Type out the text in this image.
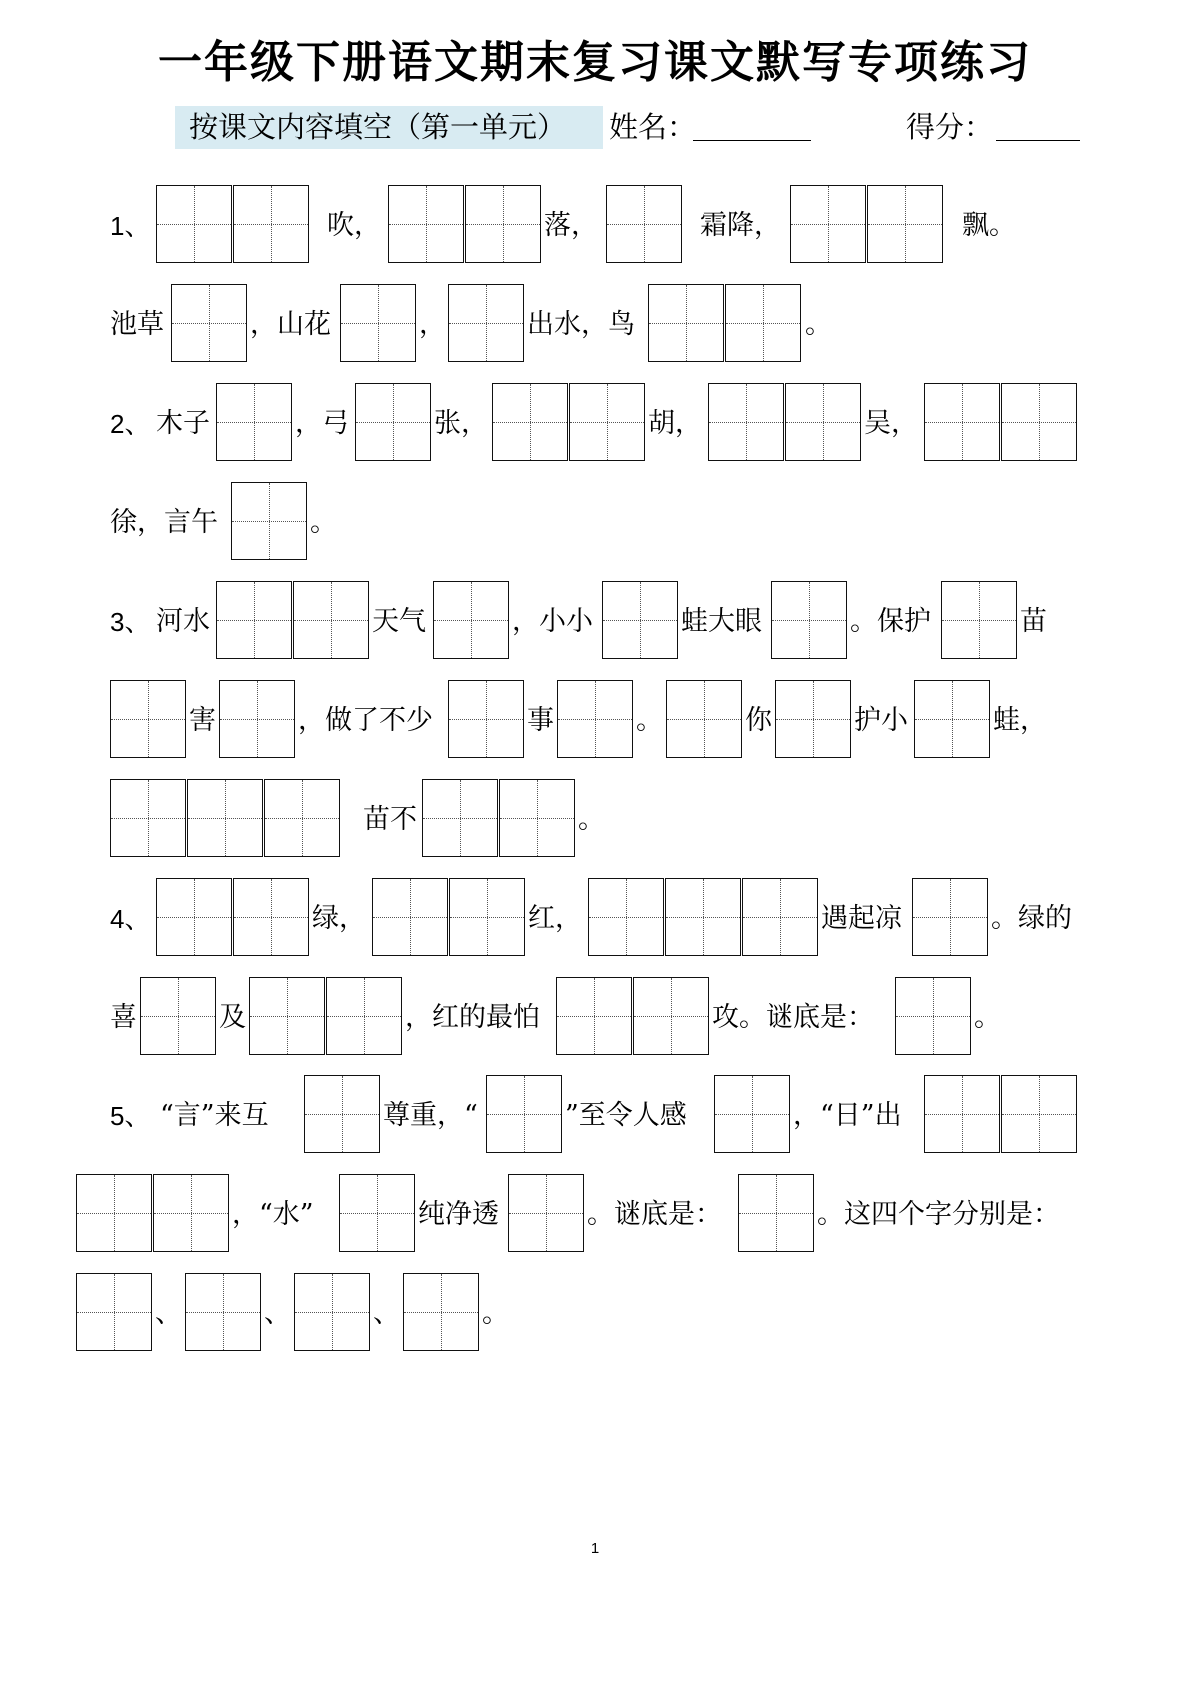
一年级下册语文期末复习课文默写专项练习
按课文内容填空（第一单元）	姓名：	得分：
1、	吹，	落，	霜降，	飘。
池草	，山花	，	出水，鸟	。
2、 木子	，弓	张，	胡，	吴，
徐，言午	。
3、 河水	天气	，小小	蛙大眼	。保护	苗
害	，做了不少	事	。	你	护小	蛙，
苗不	。
4、	绿，	红，	遇起凉	。绿的
喜	及	，红的最怕	攻。谜底是：	。
5、 “言”来互	尊重，“	”至令人感	，“日”出
，“水”	纯净透	。谜底是：	。这四个字分别是：
、	、	、	。
1
